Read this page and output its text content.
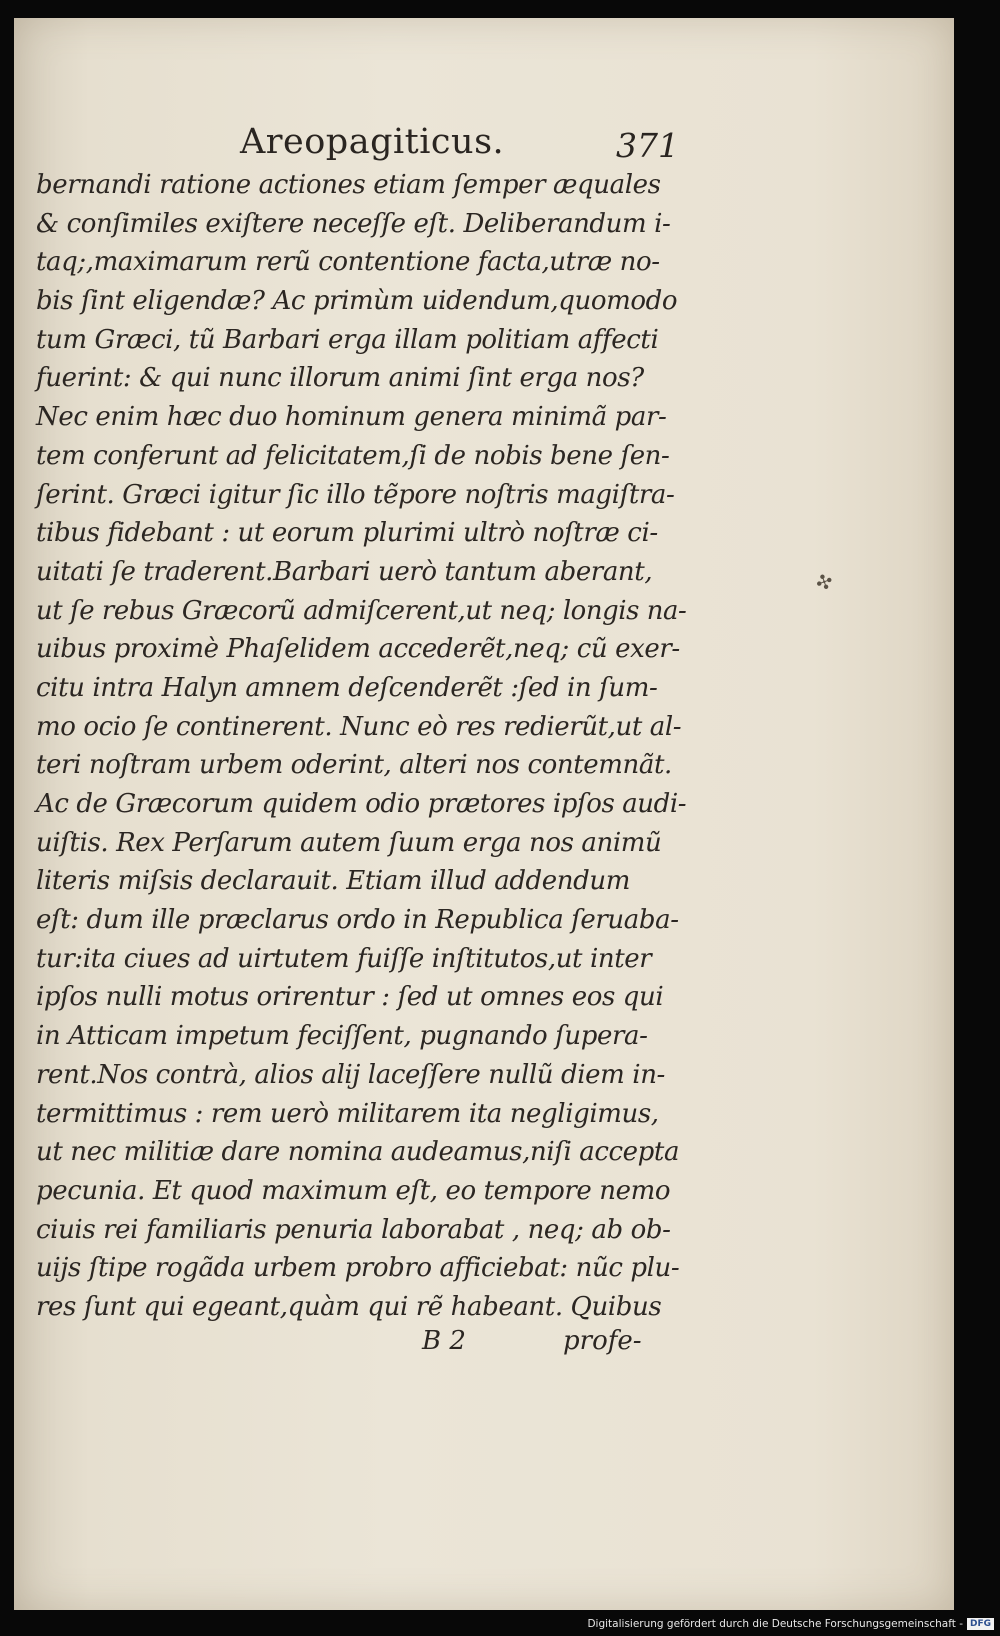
Areopagiticus.	371
bernandi ratione actiones etiam ſemper æquales
& conſimiles exiſtere neceſſe eſt. Deliberandum i-
taq;,maximarum rerũ contentione facta,utræ no-
bis ſint eligendæ? Ac primùm uidendum,quomodo
tum Græci, tũ Barbari erga illam politiam affecti
fuerint: & qui nunc illorum animi ſint erga nos?
Nec enim hæc duo hominum genera minimã par-
tem conferunt ad felicitatem,ſi de nobis bene ſen-
ſerint. Græci igitur ſic illo tẽpore noſtris magiſtra-
tibus fidebant : ut eorum plurimi ultrò noſtræ ci-
uitati ſe traderent.Barbari uerò tantum aberant,
ut ſe rebus Græcorũ admiſcerent,ut neq; longis na-
uibus proximè Phaſelidem accederẽt,neq; cũ exer-
citu intra Halyn amnem deſcenderẽt :ſed in ſum-
mo ocio ſe continerent. Nunc eò res redierũt,ut al-
teri noſtram urbem oderint, alteri nos contemnãt.
Ac de Græcorum quidem odio prætores ipſos audi-
uiſtis. Rex Perſarum autem ſuum erga nos animũ
literis miſsis declarauit. Etiam illud addendum
eſt: dum ille præclarus ordo in Republica ſeruaba-
tur:ita ciues ad uirtutem fuiſſe inſtitutos,ut inter
ipſos nulli motus orirentur : ſed ut omnes eos qui
in Atticam impetum feciſſent, pugnando ſupera-
rent.Nos contrà, alios alij laceſſere nullũ diem in-
termittimus : rem uerò militarem ita negligimus,
ut nec militiæ dare nomina audeamus,niſi accepta
pecunia. Et quod maximum eſt, eo tempore nemo
ciuis rei familiaris penuria laborabat , neq; ab ob-
uijs ſtipe rogãda urbem probro afficiebat: nũc plu-
res ſunt qui egeant,quàm qui rẽ habeant. Quibus
✣
B 2	profe-
Digitalisierung gefördert durch die Deutsche Forschungsgemeinschaft - DFG
